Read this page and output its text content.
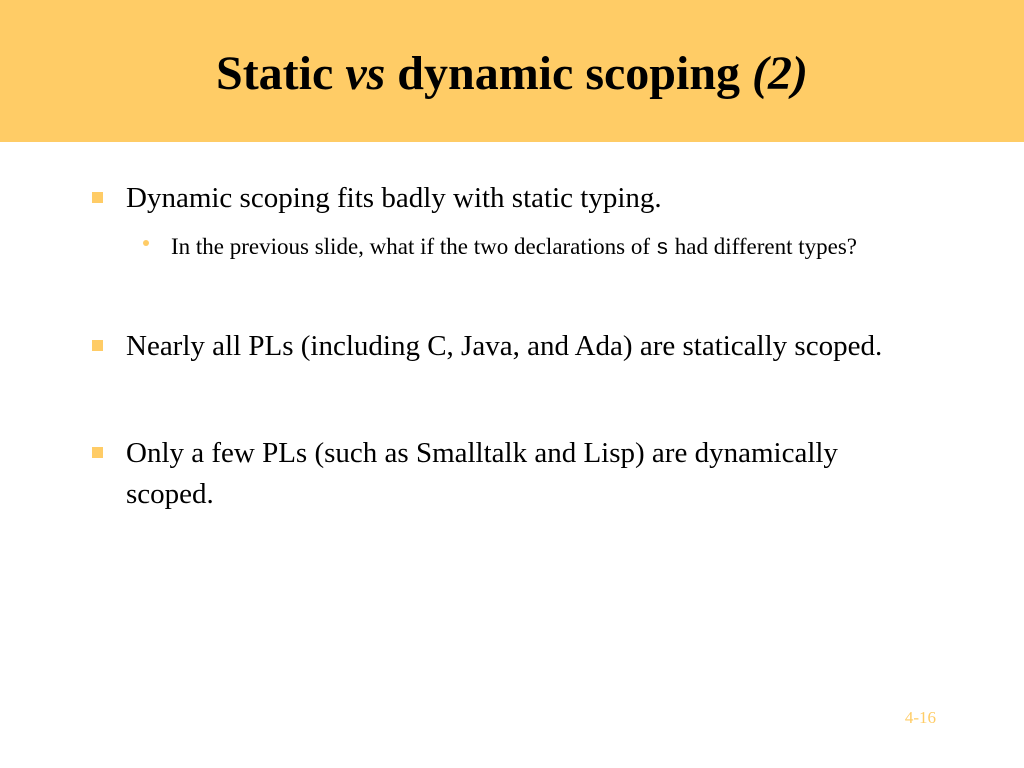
Static vs dynamic scoping (2)
Dynamic scoping fits badly with static typing.
In the previous slide, what if the two declarations of s had different types?
Nearly all PLs (including C, Java, and Ada) are statically scoped.
Only a few PLs (such as Smalltalk and Lisp) are dynamically scoped.
4-16
